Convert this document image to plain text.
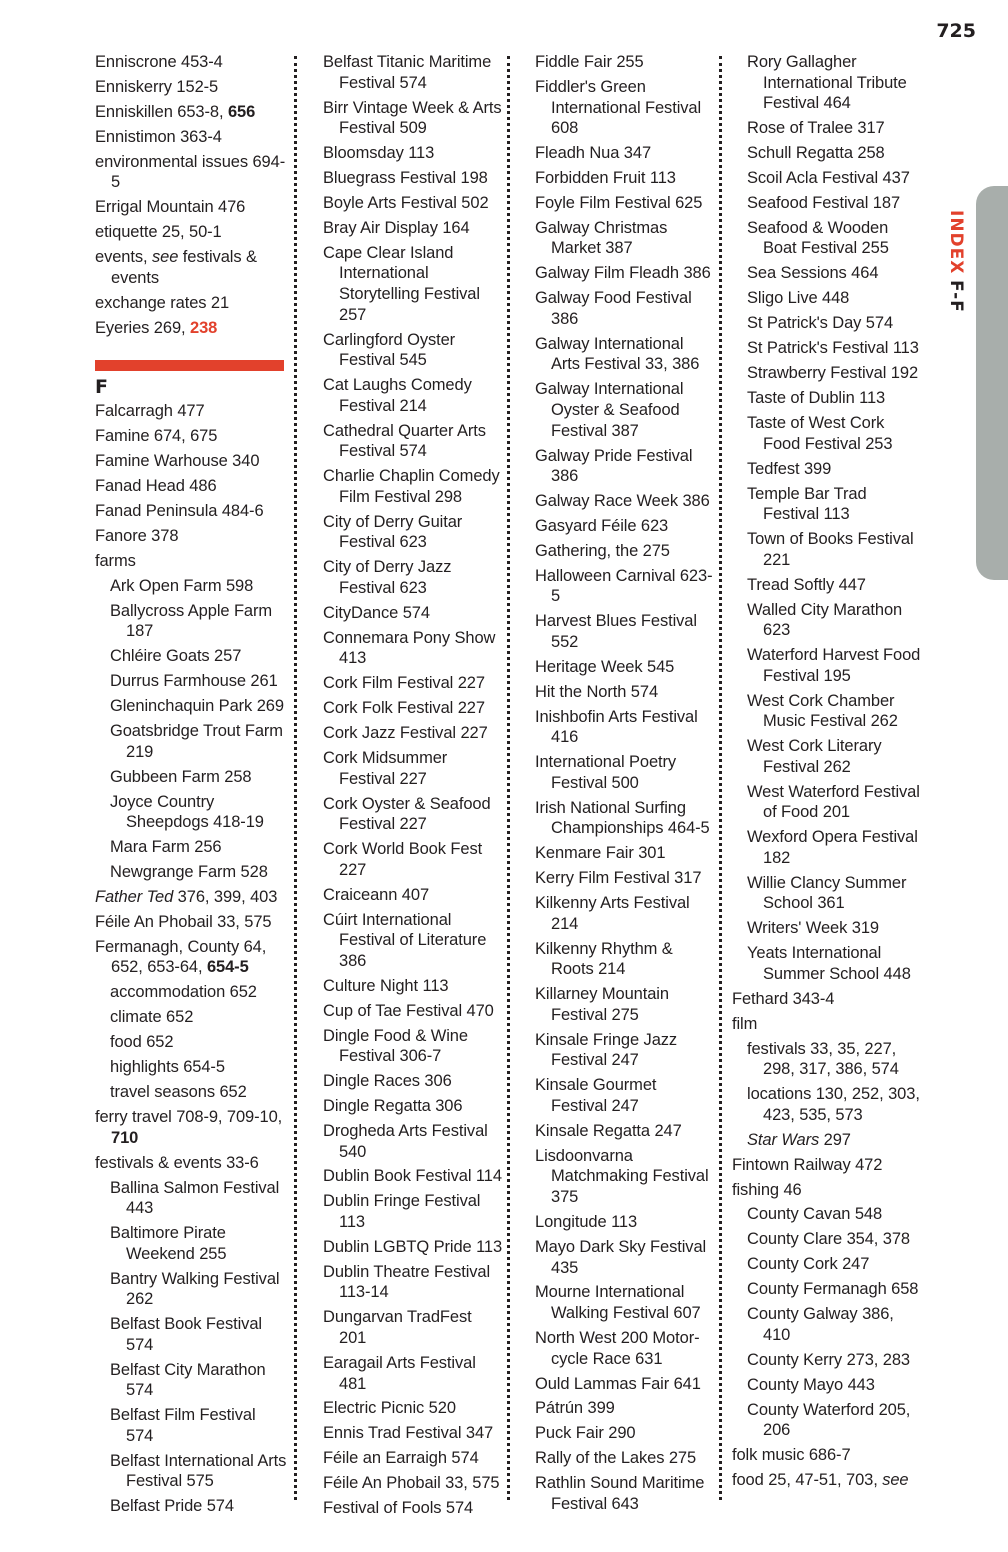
725
INDEXF-F
Enniscrone 453-4
Enniskerry 152-5
Enniskillen 653-8, 656
Ennistimon 363-4
environmental issues 694-5
Errigal Mountain 476
etiquette 25, 50-1
events, see festivals & events
exchange rates 21
Eyeries 269, 238
F
Falcarragh 477
Famine 674, 675
Famine Warhouse 340
Fanad Head 486
Fanad Peninsula 484-6
Fanore 378
farms
Ark Open Farm 598
Ballycross Apple Farm 187
Chléire Goats 257
Durrus Farmhouse 261
Gleninchaquin Park 269
Goatsbridge Trout Farm 219
Gubbeen Farm 258
Joyce Country Sheepdogs 418-19
Mara Farm 256
Newgrange Farm 528
Father Ted 376, 399, 403
Féile An Phobail 33, 575
Fermanagh, County 64, 652, 653-64, 654-5
accommodation 652
climate 652
food 652
highlights 654-5
travel seasons 652
ferry travel 708-9, 709-10, 710
festivals & events 33-6
Ballina Salmon Festival 443
Baltimore Pirate Weekend 255
Bantry Walking Festival 262
Belfast Book Festival 574
Belfast City Marathon 574
Belfast Film Festival 574
Belfast International Arts Festival 575
Belfast Pride 574
Belfast Titanic Maritime Festival 574
Birr Vintage Week & Arts Festival 509
Bloomsday 113
Bluegrass Festival 198
Boyle Arts Festival 502
Bray Air Display 164
Cape Clear Island International Storytelling Festival 257
Carlingford Oyster Festival 545
Cat Laughs Comedy Festival 214
Cathedral Quarter Arts Festival 574
Charlie Chaplin Comedy Film Festival 298
City of Derry Guitar Festival 623
City of Derry Jazz Festival 623
CityDance 574
Connemara Pony Show 413
Cork Film Festival 227
Cork Folk Festival 227
Cork Jazz Festival 227
Cork Midsummer Festival 227
Cork Oyster & Seafood Festival 227
Cork World Book Fest 227
Craiceann 407
Cúirt International Festival of Literature 386
Culture Night 113
Cup of Tae Festival 470
Dingle Food & Wine Festival 306-7
Dingle Races 306
Dingle Regatta 306
Drogheda Arts Festival 540
Dublin Book Festival 114
Dublin Fringe Festival 113
Dublin LGBTQ Pride 113
Dublin Theatre Festival 113-14
Dungarvan TradFest 201
Earagail Arts Festival 481
Electric Picnic 520
Ennis Trad Festival 347
Féile an Earraigh 574
Féile An Phobail 33, 575
Festival of Fools 574
Fiddle Fair 255
Fiddler's Green International Festival 608
Fleadh Nua 347
Forbidden Fruit 113
Foyle Film Festival 625
Galway Christmas Market 387
Galway Film Fleadh 386
Galway Food Festival 386
Galway International Arts Festival 33, 386
Galway International Oyster & Seafood Festival 387
Galway Pride Festival 386
Galway Race Week 386
Gasyard Féile 623
Gathering, the 275
Halloween Carnival 623-5
Harvest Blues Festival 552
Heritage Week 545
Hit the North 574
Inishbofin Arts Festival 416
International Poetry Festival 500
Irish National Surfing Championships 464-5
Kenmare Fair 301
Kerry Film Festival 317
Kilkenny Arts Festival 214
Kilkenny Rhythm & Roots 214
Killarney Mountain Festival 275
Kinsale Fringe Jazz Festival 247
Kinsale Gourmet Festival 247
Kinsale Regatta 247
Lisdoonvarna Matchmaking Festival 375
Longitude 113
Mayo Dark Sky Festival 435
Mourne International Walking Festival 607
North West 200 Motor-cycle Race 631
Ould Lammas Fair 641
Pátrún 399
Puck Fair 290
Rally of the Lakes 275
Rathlin Sound Maritime Festival 643
Rory Gallagher International Tribute Festival 464
Rose of Tralee 317
Schull Regatta 258
Scoil Acla Festival 437
Seafood Festival 187
Seafood & Wooden Boat Festival 255
Sea Sessions 464
Sligo Live 448
St Patrick's Day 574
St Patrick's Festival 113
Strawberry Festival 192
Taste of Dublin 113
Taste of West Cork Food Festival 253
Tedfest 399
Temple Bar Trad Festival 113
Town of Books Festival 221
Tread Softly 447
Walled City Marathon 623
Waterford Harvest Food Festival 195
West Cork Chamber Music Festival 262
West Cork Literary Festival 262
West Waterford Festival of Food 201
Wexford Opera Festival 182
Willie Clancy Summer School 361
Writers' Week 319
Yeats International Summer School 448
Fethard 343-4
film
festivals 33, 35, 227, 298, 317, 386, 574
locations 130, 252, 303, 423, 535, 573
Star Wars 297
Fintown Railway 472
fishing 46
County Cavan 548
County Clare 354, 378
County Cork 247
County Fermanagh 658
County Galway 386, 410
County Kerry 273, 283
County Mayo 443
County Waterford 205, 206
folk music 686-7
food 25, 47-51, 703, see
